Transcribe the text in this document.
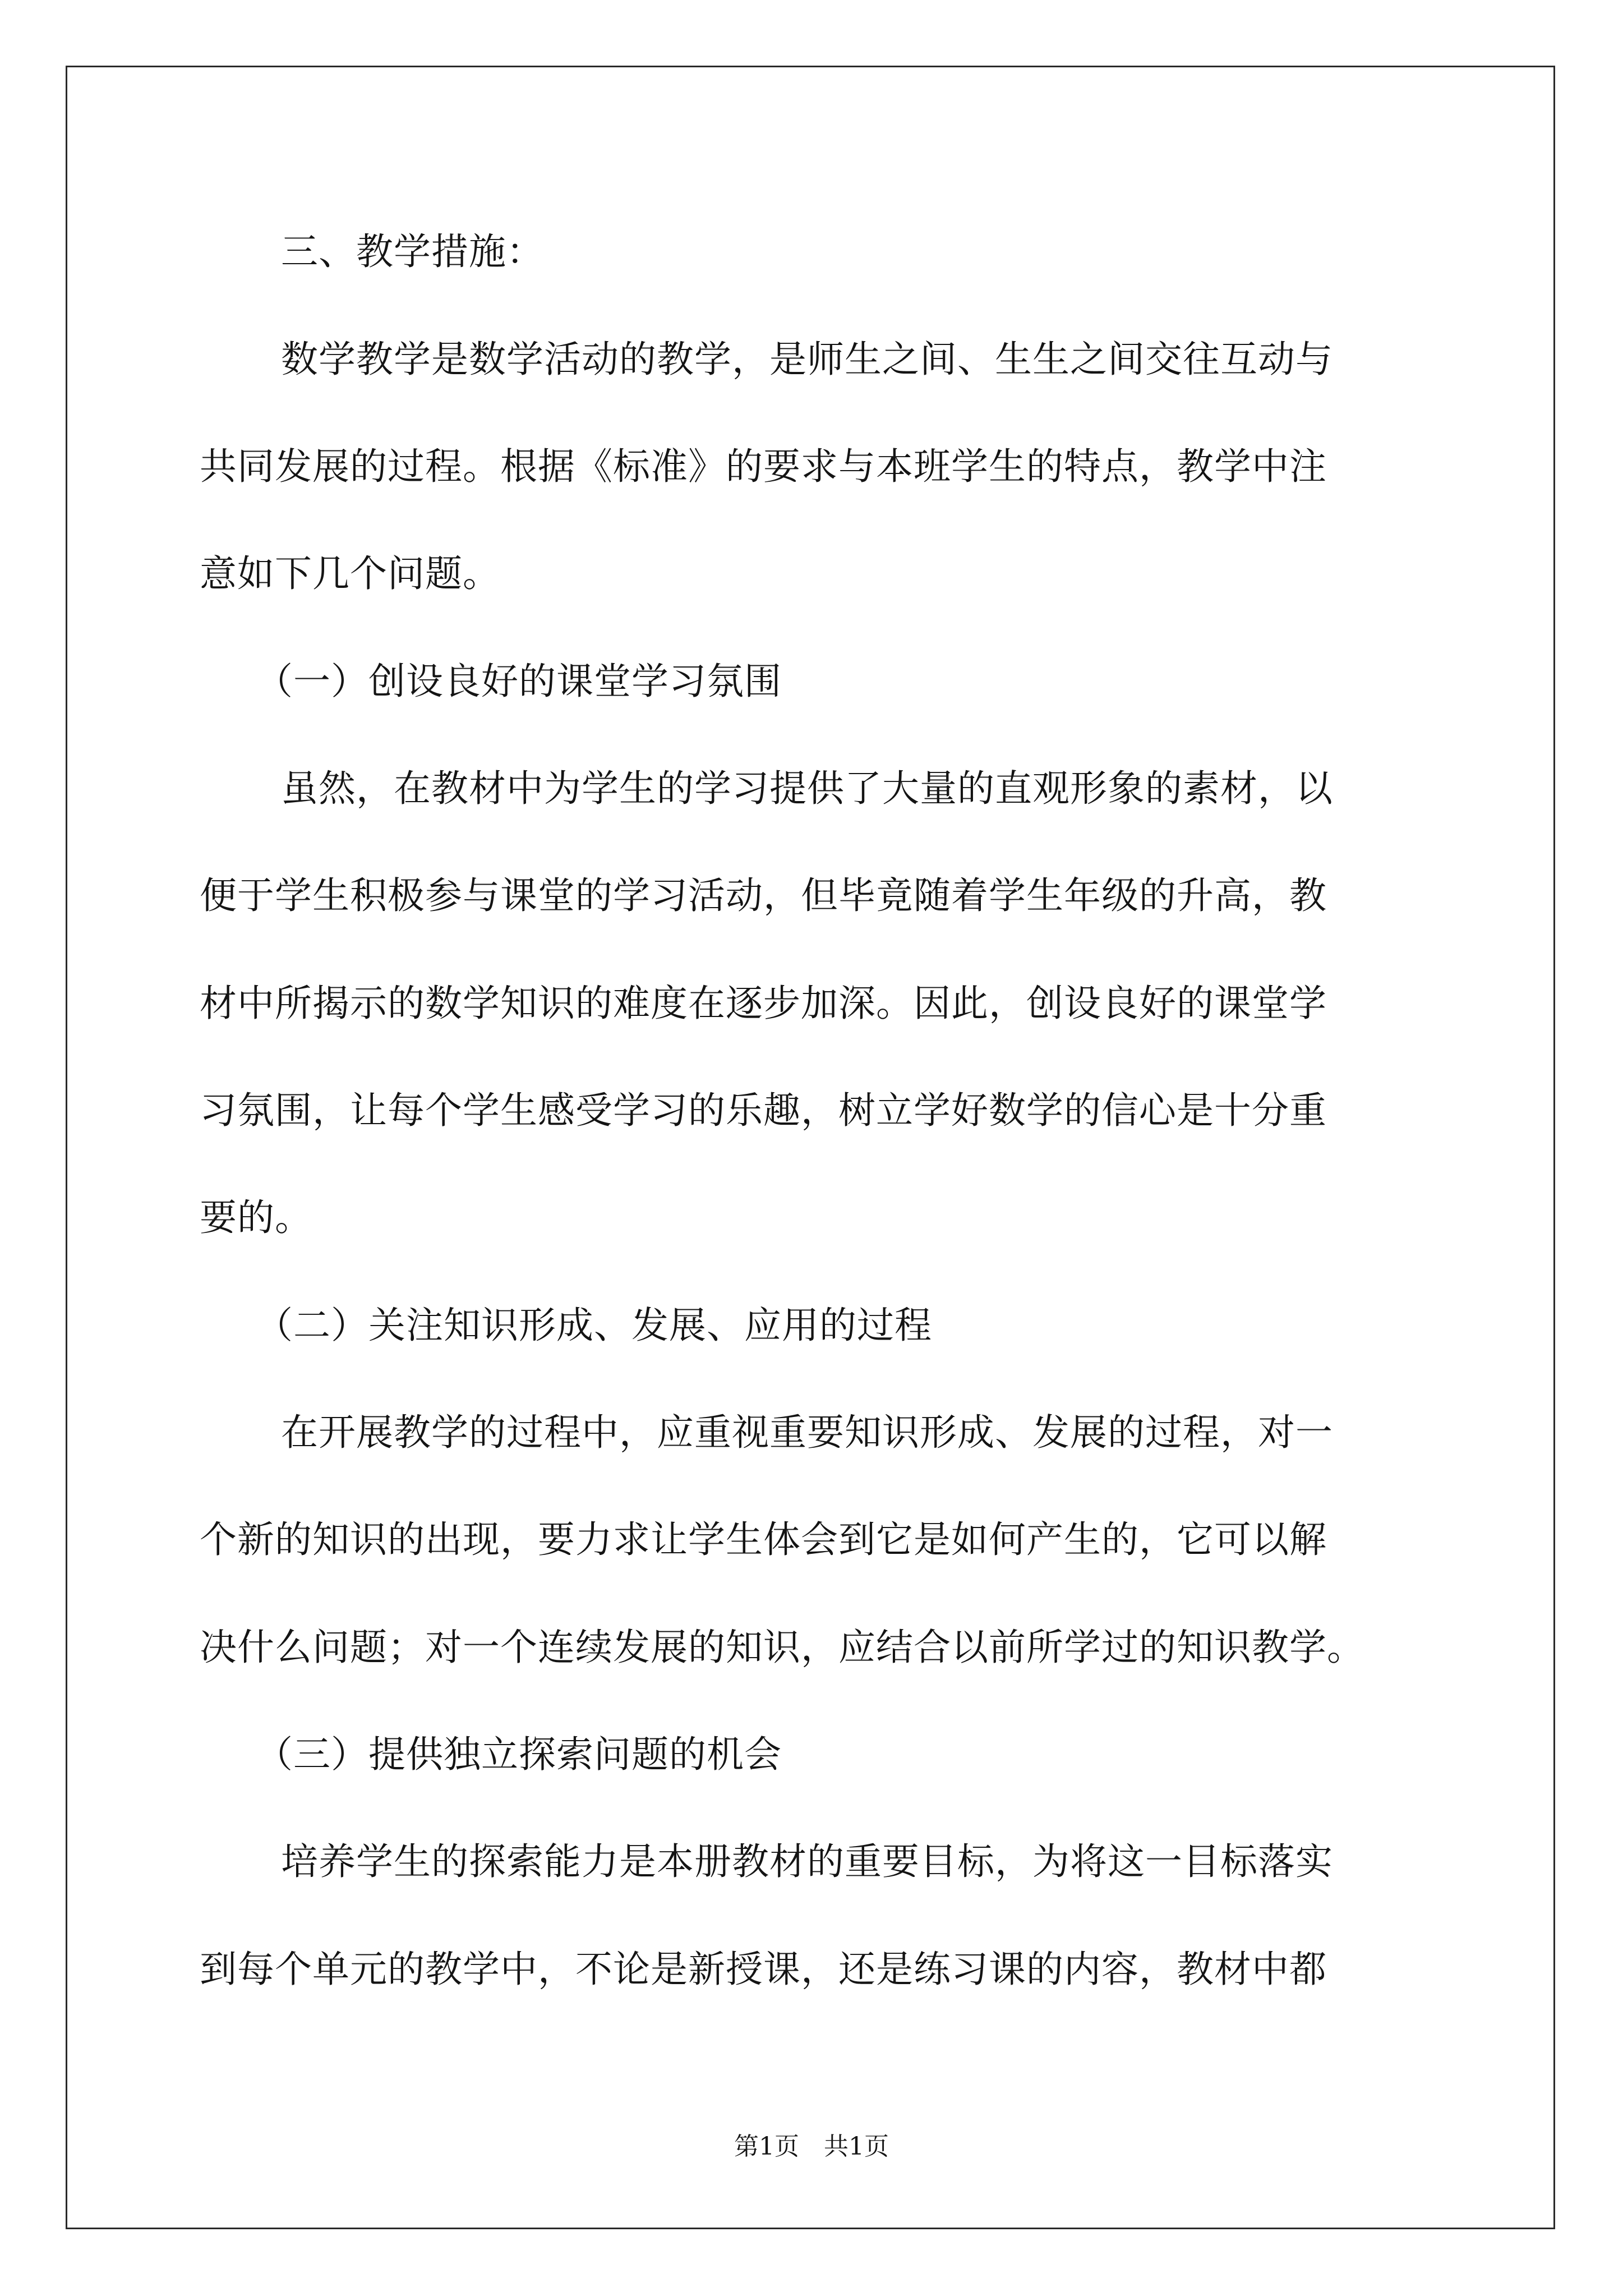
三、教学措施：
数学教学是数学活动的教学，是师生之间、生生之间交往互动与
共同发展的过程。根据《标准》的要求与本班学生的特点，教学中注
意如下几个问题。
（一）创设良好的课堂学习氛围
虽然，在教材中为学生的学习提供了大量的直观形象的素材，以
便于学生积极参与课堂的学习活动，但毕竟随着学生年级的升高，教
材中所揭示的数学知识的难度在逐步加深。因此，创设良好的课堂学
习氛围，让每个学生感受学习的乐趣，树立学好数学的信心是十分重
要的。
（二）关注知识形成、发展、应用的过程
在开展教学的过程中，应重视重要知识形成、发展的过程，对一
个新的知识的出现，要力求让学生体会到它是如何产生的，它可以解
决什么问题；对一个连续发展的知识，应结合以前所学过的知识教学。
（三）提供独立探索问题的机会
培养学生的探索能力是本册教材的重要目标，为将这一目标落实
到每个单元的教学中，不论是新授课，还是练习课的内容，教材中都
第1页　共1页
